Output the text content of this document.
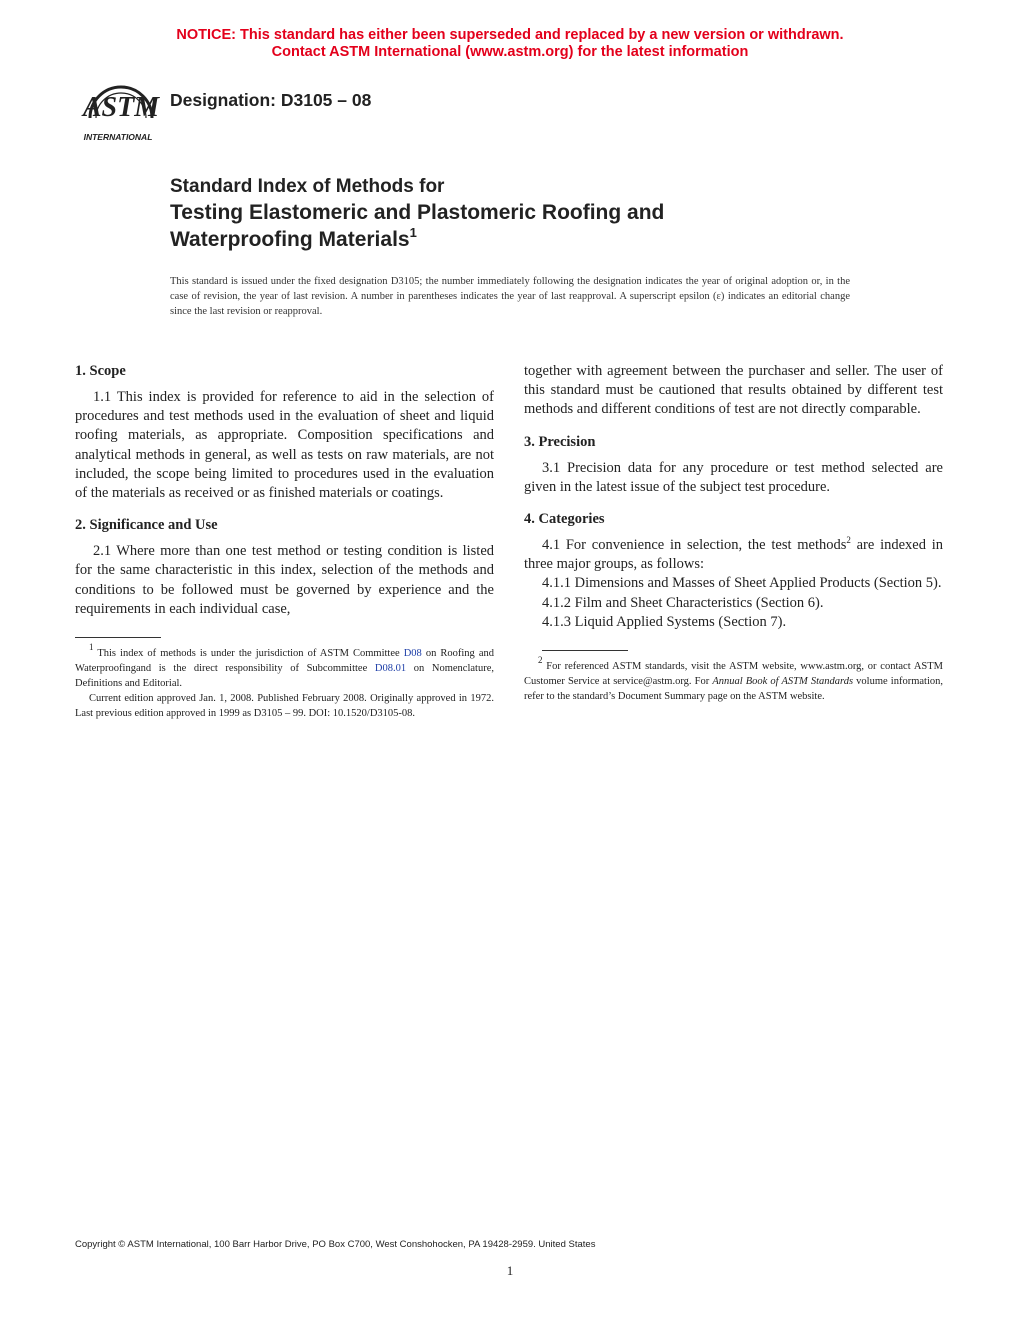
NOTICE: This standard has either been superseded and replaced by a new version or withdrawn.
Contact ASTM International (www.astm.org) for the latest information
ASTM
INTERNATIONAL
Designation: D3105 – 08
Standard Index of Methods for
Testing Elastomeric and Plastomeric Roofing and
Waterproofing Materials$^1$
This standard is issued under the fixed designation D3105; the number immediately following the designation indicates the year of original adoption or, in the case of revision, the year of last revision. A number in parentheses indicates the year of last reapproval. A superscript epsilon (ε) indicates an editorial change since the last revision or reapproval.
1. Scope

1.1 This index is provided for reference to aid in the selection of procedures and test methods used in the evaluation of sheet and liquid roofing materials, as appropriate. Composition specifications and analytical methods in general, as well as tests on raw materials, are not included, the scope being limited to procedures used in the evaluation of the materials as received or as finished materials or coatings.

2. Significance and Use

2.1 Where more than one test method or testing condition is listed for the same characteristic in this index, selection of the methods and conditions to be followed must be governed by experience and the requirements in each individual case,

$^1$ This index of methods is under the jurisdiction of ASTM Committee D08 on Roofing and Waterproofingand is the direct responsibility of Subcommittee D08.01 on Nomenclature, Definitions and Editorial.

Current edition approved Jan. 1, 2008. Published February 2008. Originally approved in 1972. Last previous edition approved in 1999 as D3105 – 99. DOI: 10.1520/D3105-08.

together with agreement between the purchaser and seller. The user of this standard must be cautioned that results obtained by different test methods and different conditions of test are not directly comparable.

3. Precision

3.1 Precision data for any procedure or test method selected are given in the latest issue of the subject test procedure.

4. Categories

4.1 For convenience in selection, the test methods$^2$ are indexed in three major groups, as follows:

4.1.1 Dimensions and Masses of Sheet Applied Products (Section 5).

4.1.2 Film and Sheet Characteristics (Section 6).

4.1.3 Liquid Applied Systems (Section 7).

$^2$ For referenced ASTM standards, visit the ASTM website, www.astm.org, or contact ASTM Customer Service at service@astm.org. For Annual Book of ASTM Standards volume information, refer to the standard’s Document Summary page on the ASTM website.

Copyright © ASTM International, 100 Barr Harbor Drive, PO Box C700, West Conshohocken, PA 19428-2959. United States
1
